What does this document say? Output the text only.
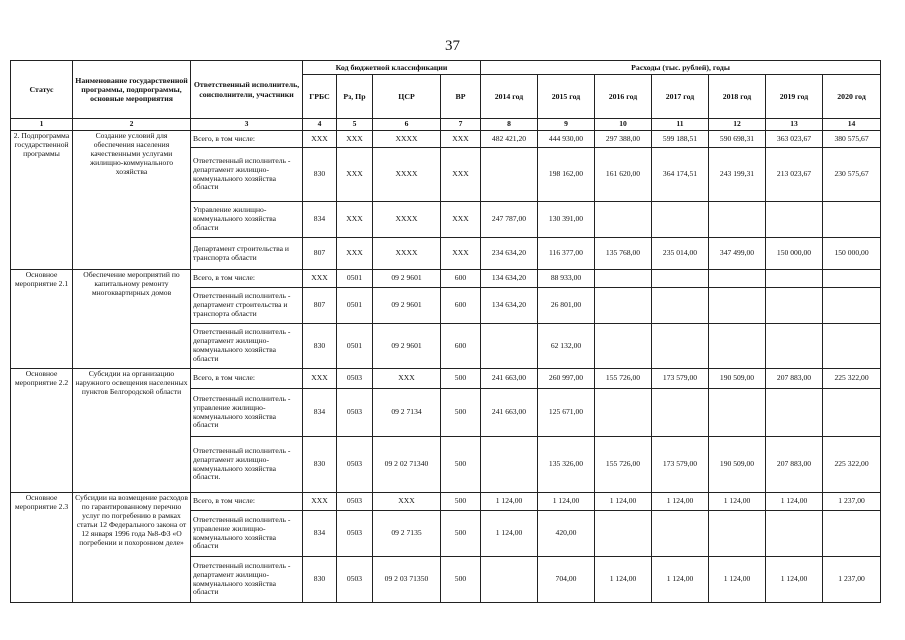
37
Статус	Наименование государственной программы, подпрограммы, основные мероприятия	Ответственный исполнитель, соисполнители, участники	Код бюджетной классификации				Расходы (тыс. рублей), годы						
			ГРБС	Рз, Пр	ЦСР	ВР	2014 год	2015 год	2016 год	2017 год	2018 год	2019 год	2020 год
1	2	3	4	5	6	7	8	9	10	11	12	13	14
2. Подпрограмма государственной программы	Создание условий для обеспечения населения качественными услугами жилищно-коммунального хозяйства	Всего, в том числе:	XXX	XXX	XXXX	XXX	482 421,20	444 930,00	297 388,00	599 188,51	590 698,31	363 023,67	380 575,67
		Ответственный исполнитель - департамент жилищно-коммунального хозяйства области	830	XXX	XXXX	XXX		198 162,00	161 620,00	364 174,51	243 199,31	213 023,67	230 575,67
		Управление жилищно-коммунального хозяйства области	834	XXX	XXXX	XXX	247 787,00	130 391,00					
		Департамент строительства и транспорта области	807	XXX	XXXX	XXX	234 634,20	116 377,00	135 768,00	235 014,00	347 499,00	150 000,00	150 000,00
Основное мероприятие 2.1	Обеспечение мероприятий по капитальному ремонту многоквартирных домов	Всего, в том числе:	XXX	0501	09 2 9601	600	134 634,20	88 933,00					
		Ответственный исполнитель - департамент строительства и транспорта области	807	0501	09 2 9601	600	134 634,20	26 801,00					
		Ответственный исполнитель - департамент жилищно-коммунального хозяйства области	830	0501	09 2 9601	600		62 132,00					
Основное мероприятие 2.2	Субсидии на организацию наружного освещения населенных пунктов Белгородской области	Всего, в том числе:	XXX	0503	XXX	500	241 663,00	260 997,00	155 726,00	173 579,00	190 509,00	207 883,00	225 322,00
		Ответственный исполнитель - управление жилищно-коммунального хозяйства области	834	0503	09 2 7134	500	241 663,00	125 671,00					
		Ответственный исполнитель - департамент жилищно-коммунального хозяйства области.	830	0503	09 2 02 71340	500		135 326,00	155 726,00	173 579,00	190 509,00	207 883,00	225 322,00
Основное мероприятие 2.3	Субсидии на возмещение расходов по гарантированному перечню услуг по погребению в рамках статьи 12 Федерального закона от 12 января 1996 года №8-ФЗ «О погребении и похоронном деле»	Всего, в том числе:	XXX	0503	XXX	500	1 124,00	1 124,00	1 124,00	1 124,00	1 124,00	1 124,00	1 237,00
		Ответственный исполнитель - управление жилищно-коммунального хозяйства области	834	0503	09 2 7135	500	1 124,00	420,00					
		Ответственный исполнитель - департамент жилищно-коммунального хозяйства области	830	0503	09 2 03 71350	500		704,00	1 124,00	1 124,00	1 124,00	1 124,00	1 237,00
